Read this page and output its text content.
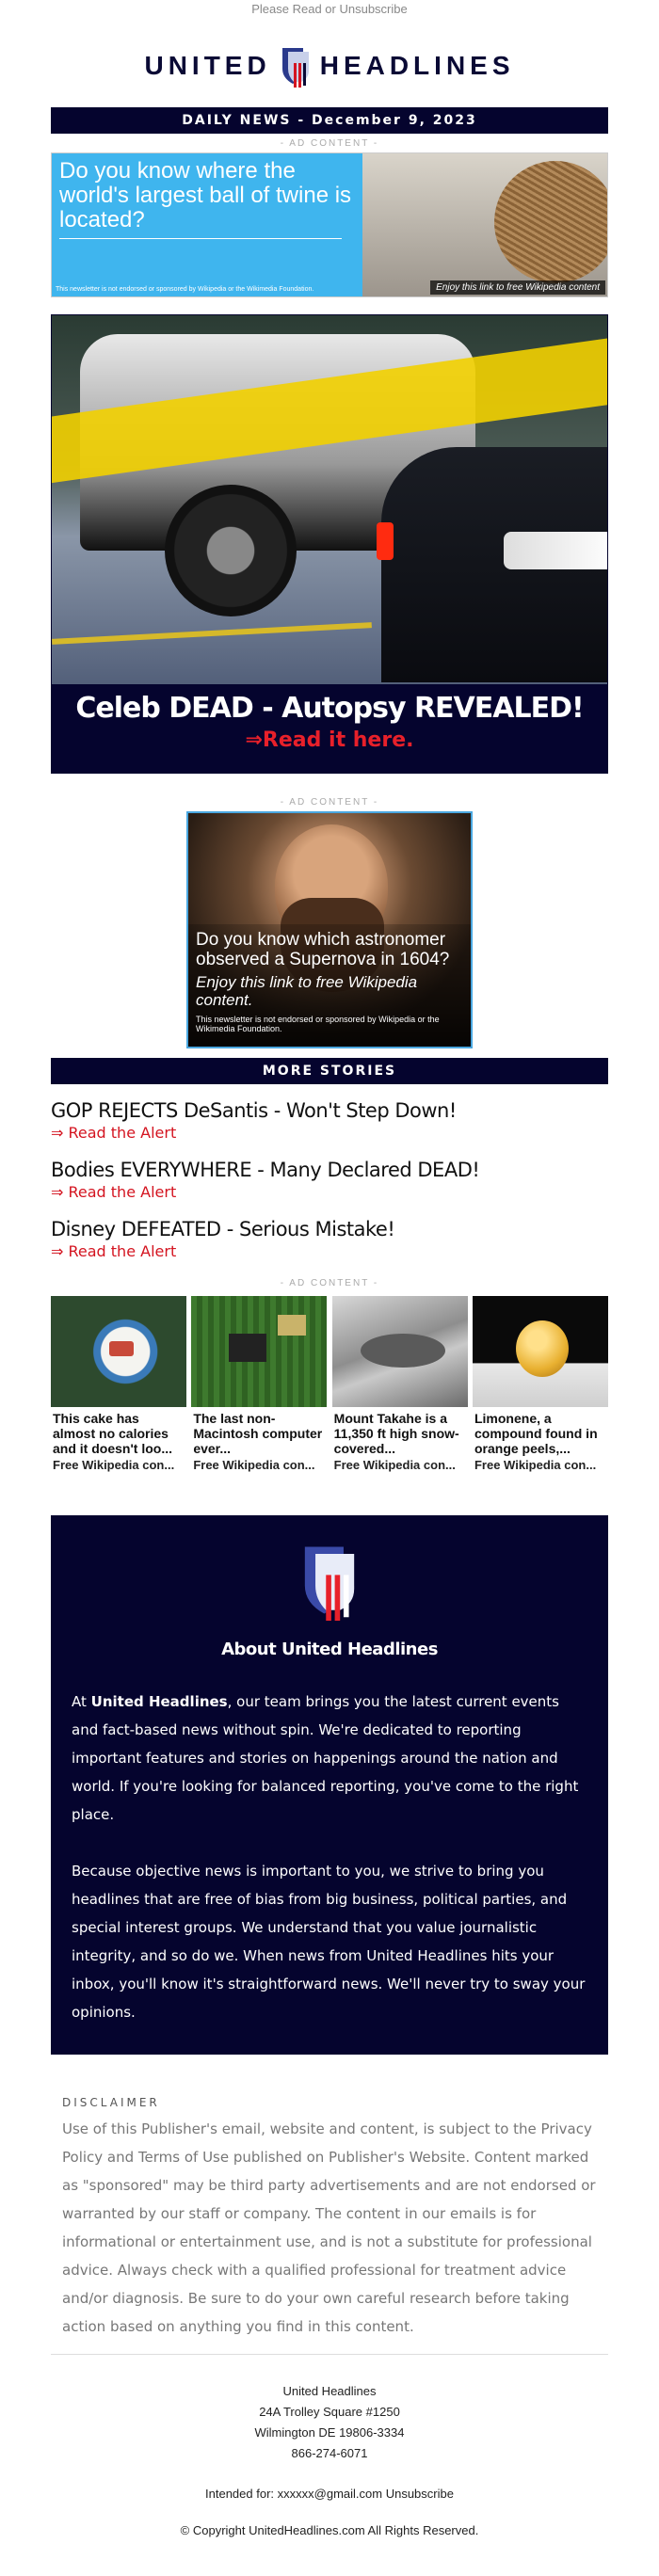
Please Read or Unsubscribe
UNITED HEADLINES
DAILY NEWS - December 9, 2023
- AD CONTENT -
Do you know where the world's largest ball of twine is located?
This newsletter is not endorsed or sponsored by Wikipedia or the Wikimedia Foundation.	Enjoy this link to free Wikipedia content
Celeb DEAD - Autopsy REVEALED!
⇒Read it here.
- AD CONTENT -
Do you know which astronomer observed a Supernova in 1604?
Enjoy this link to free Wikipedia content.
This newsletter is not endorsed or sponsored by Wikipedia or the Wikimedia Foundation.
MORE STORIES
GOP REJECTS DeSantis - Won't Step Down!
⇒ Read the Alert
Bodies EVERYWHERE - Many Declared DEAD!
⇒ Read the Alert
Disney DEFEATED - Serious Mistake!
⇒ Read the Alert
- AD CONTENT -
This cake has almost no calories and it doesn't loo...
Free Wikipedia con...
The last non-Macintosh computer ever...
Free Wikipedia con...
Mount Takahe is a 11,350 ft high snow-covered...
Free Wikipedia con...
Limonene, a compound found in orange peels,...
Free Wikipedia con...
About United Headlines

At United Headlines, our team brings you the latest current events and fact-based news without spin. We're dedicated to reporting important features and stories on happenings around the nation and world. If you're looking for balanced reporting, you've come to the right place.

Because objective news is important to you, we strive to bring you headlines that are free of bias from big business, political parties, and special interest groups. We understand that you value journalistic integrity, and so do we. When news from United Headlines hits your inbox, you'll know it's straightforward news. We'll never try to sway your opinions.

DISCLAIMER

Use of this Publisher's email, website and content, is subject to the Privacy Policy and Terms of Use published on Publisher's Website. Content marked as "sponsored" may be third party advertisements and are not endorsed or warranted by our staff or company. The content in our emails is for informational or entertainment use, and is not a substitute for professional advice. Always check with a qualified professional for treatment advice and/or diagnosis. Be sure to do your own careful research before taking action based on anything you find in this content.

United Headlines
24A Trolley Square #1250
Wilmington DE 19806-3334
866-274-6071
Intended for: xxxxxx@gmail.com Unsubscribe
© Copyright UnitedHeadlines.com All Rights Reserved.
